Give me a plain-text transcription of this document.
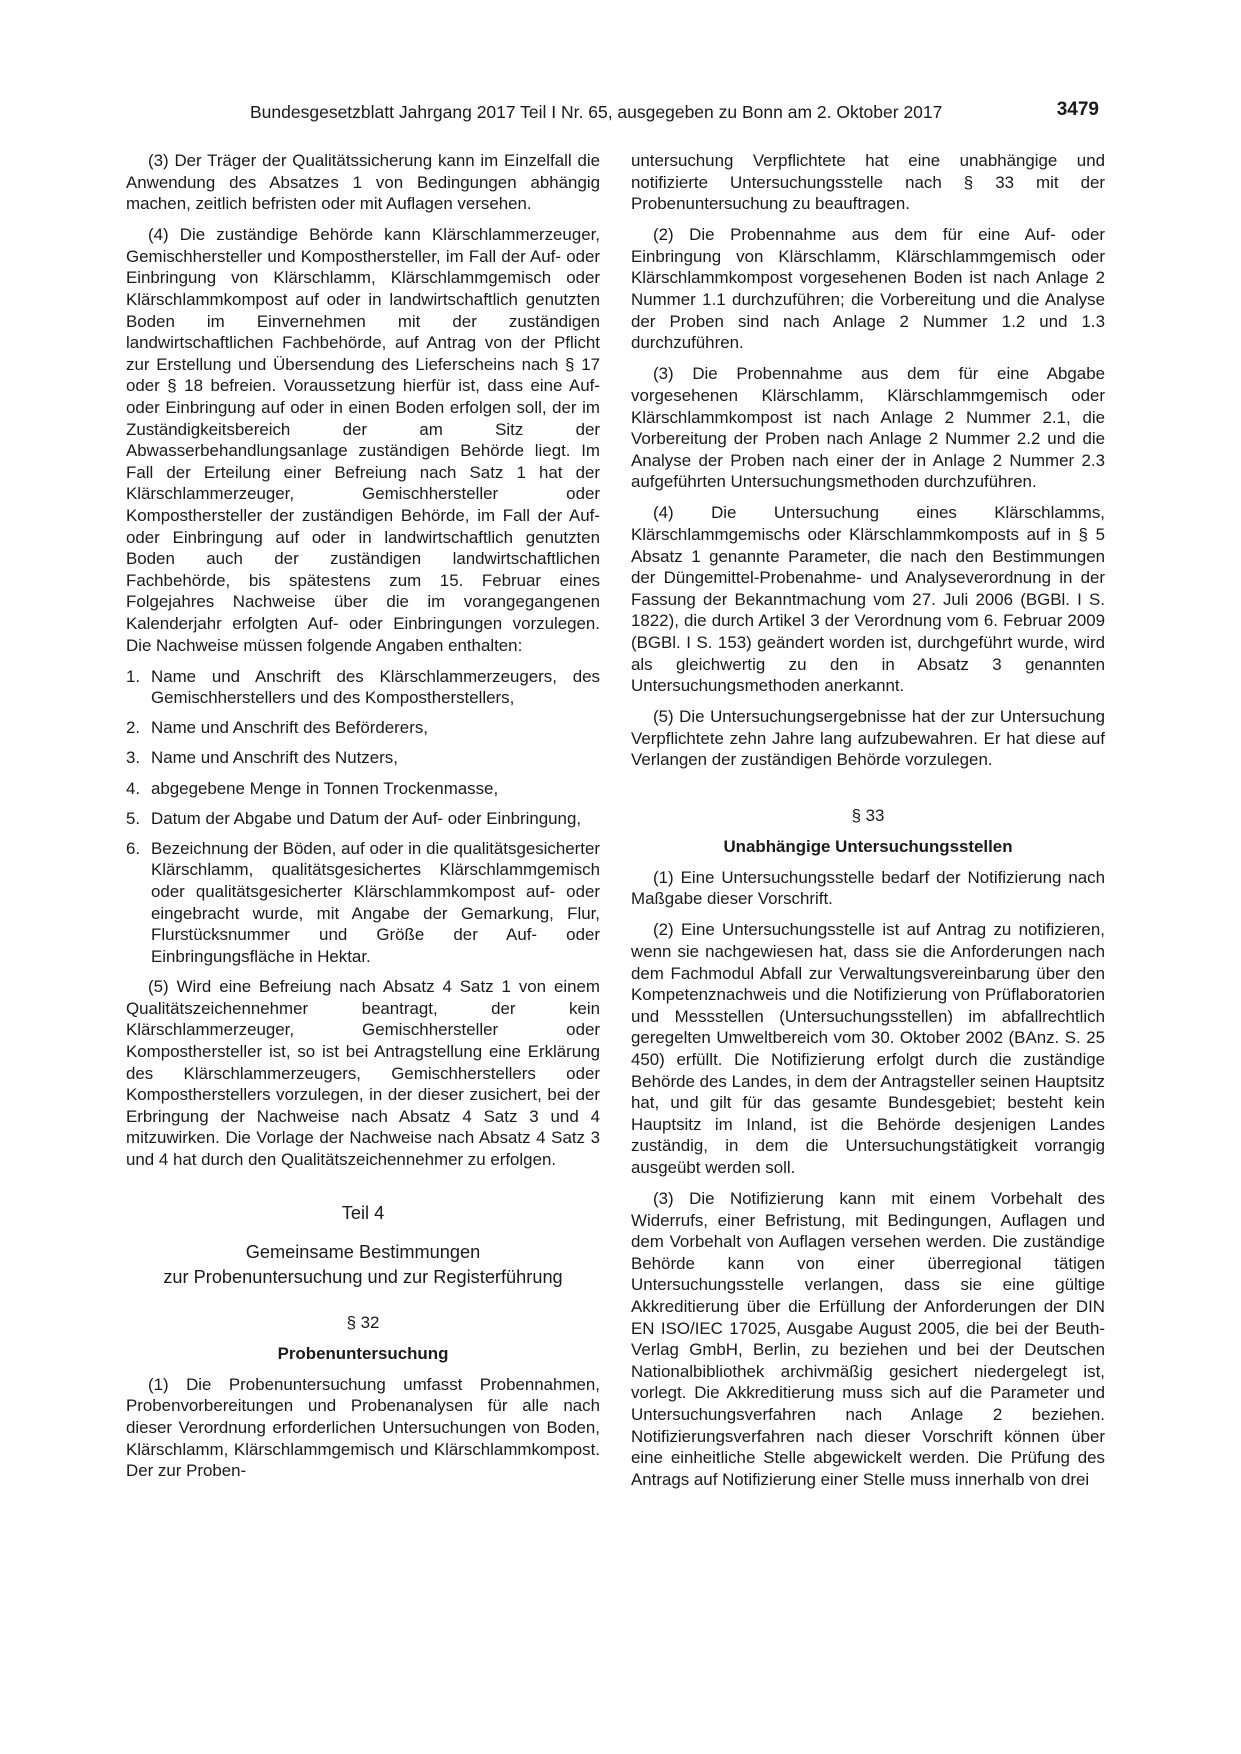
Bundesgesetzblatt Jahrgang 2017 Teil I Nr. 65, ausgegeben zu Bonn am 2. Oktober 2017	3479

(3) Der Träger der Qualitätssicherung kann im Einzelfall die Anwendung des Absatzes 1 von Bedingungen abhängig machen, zeitlich befristen oder mit Auflagen versehen.

(4) Die zuständige Behörde kann Klärschlammerzeuger, Gemischhersteller und Komposthersteller, im Fall der Auf- oder Einbringung von Klärschlamm, Klärschlammgemisch oder Klärschlammkompost auf oder in landwirtschaftlich genutzten Boden im Einvernehmen mit der zuständigen landwirtschaftlichen Fachbehörde, auf Antrag von der Pflicht zur Erstellung und Übersendung des Lieferscheins nach § 17 oder § 18 befreien. Voraussetzung hierfür ist, dass eine Auf- oder Einbringung auf oder in einen Boden erfolgen soll, der im Zuständigkeitsbereich der am Sitz der Abwasserbehandlungsanlage zuständigen Behörde liegt. Im Fall der Erteilung einer Befreiung nach Satz 1 hat der Klärschlammerzeuger, Gemischhersteller oder Komposthersteller der zuständigen Behörde, im Fall der Auf- oder Einbringung auf oder in landwirtschaftlich genutzten Boden auch der zuständigen landwirtschaftlichen Fachbehörde, bis spätestens zum 15. Februar eines Folgejahres Nachweise über die im vorangegangenen Kalenderjahr erfolgten Auf- oder Einbringungen vorzulegen. Die Nachweise müssen folgende Angaben enthalten:

1. Name und Anschrift des Klärschlammerzeugers, des Gemischherstellers und des Kompostherstellers,
2. Name und Anschrift des Beförderers,
3. Name und Anschrift des Nutzers,
4. abgegebene Menge in Tonnen Trockenmasse,
5. Datum der Abgabe und Datum der Auf- oder Einbringung,
6. Bezeichnung der Böden, auf oder in die qualitätsgesicherter Klärschlamm, qualitätsgesichertes Klärschlammgemisch oder qualitätsgesicherter Klärschlammkompost auf- oder eingebracht wurde, mit Angabe der Gemarkung, Flur, Flurstücksnummer und Größe der Auf- oder Einbringungsfläche in Hektar.

(5) Wird eine Befreiung nach Absatz 4 Satz 1 von einem Qualitätszeichennehmer beantragt, der kein Klärschlammerzeuger, Gemischhersteller oder Komposthersteller ist, so ist bei Antragstellung eine Erklärung des Klärschlammerzeugers, Gemischherstellers oder Kompostherstellers vorzulegen, in der dieser zusichert, bei der Erbringung der Nachweise nach Absatz 4 Satz 3 und 4 mitzuwirken. Die Vorlage der Nachweise nach Absatz 4 Satz 3 und 4 hat durch den Qualitätszeichennehmer zu erfolgen.

Teil 4

Gemeinsame Bestimmungen
zur Probenuntersuchung und zur Registerführung

§ 32

Probenuntersuchung

(1) Die Probenuntersuchung umfasst Probennahmen, Probenvorbereitungen und Probenanalysen für alle nach dieser Verordnung erforderlichen Untersuchungen von Boden, Klärschlamm, Klärschlammgemisch und Klärschlammkompost. Der zur Proben-

untersuchung Verpflichtete hat eine unabhängige und notifizierte Untersuchungsstelle nach § 33 mit der Probenuntersuchung zu beauftragen.

(2) Die Probennahme aus dem für eine Auf- oder Einbringung von Klärschlamm, Klärschlammgemisch oder Klärschlammkompost vorgesehenen Boden ist nach Anlage 2 Nummer 1.1 durchzuführen; die Vorbereitung und die Analyse der Proben sind nach Anlage 2 Nummer 1.2 und 1.3 durchzuführen.

(3) Die Probennahme aus dem für eine Abgabe vorgesehenen Klärschlamm, Klärschlammgemisch oder Klärschlammkompost ist nach Anlage 2 Nummer 2.1, die Vorbereitung der Proben nach Anlage 2 Nummer 2.2 und die Analyse der Proben nach einer der in Anlage 2 Nummer 2.3 aufgeführten Untersuchungsmethoden durchzuführen.

(4) Die Untersuchung eines Klärschlamms, Klärschlammgemischs oder Klärschlammkomposts auf in § 5 Absatz 1 genannte Parameter, die nach den Bestimmungen der Düngemittel-Probenahme- und Analyseverordnung in der Fassung der Bekanntmachung vom 27. Juli 2006 (BGBl. I S. 1822), die durch Artikel 3 der Verordnung vom 6. Februar 2009 (BGBl. I S. 153) geändert worden ist, durchgeführt wurde, wird als gleichwertig zu den in Absatz 3 genannten Untersuchungsmethoden anerkannt.

(5) Die Untersuchungsergebnisse hat der zur Untersuchung Verpflichtete zehn Jahre lang aufzubewahren. Er hat diese auf Verlangen der zuständigen Behörde vorzulegen.

§ 33

Unabhängige Untersuchungsstellen

(1) Eine Untersuchungsstelle bedarf der Notifizierung nach Maßgabe dieser Vorschrift.

(2) Eine Untersuchungsstelle ist auf Antrag zu notifizieren, wenn sie nachgewiesen hat, dass sie die Anforderungen nach dem Fachmodul Abfall zur Verwaltungsvereinbarung über den Kompetenznachweis und die Notifizierung von Prüflaboratorien und Messstellen (Untersuchungsstellen) im abfallrechtlich geregelten Umweltbereich vom 30. Oktober 2002 (BAnz. S. 25 450) erfüllt. Die Notifizierung erfolgt durch die zuständige Behörde des Landes, in dem der Antragsteller seinen Hauptsitz hat, und gilt für das gesamte Bundesgebiet; besteht kein Hauptsitz im Inland, ist die Behörde desjenigen Landes zuständig, in dem die Untersuchungstätigkeit vorrangig ausgeübt werden soll.

(3) Die Notifizierung kann mit einem Vorbehalt des Widerrufs, einer Befristung, mit Bedingungen, Auflagen und dem Vorbehalt von Auflagen versehen werden. Die zuständige Behörde kann von einer überregional tätigen Untersuchungsstelle verlangen, dass sie eine gültige Akkreditierung über die Erfüllung der Anforderungen der DIN EN ISO/IEC 17025, Ausgabe August 2005, die bei der Beuth-Verlag GmbH, Berlin, zu beziehen und bei der Deutschen Nationalbibliothek archivmäßig gesichert niedergelegt ist, vorlegt. Die Akkreditierung muss sich auf die Parameter und Untersuchungsverfahren nach Anlage 2 beziehen. Notifizierungsverfahren nach dieser Vorschrift können über eine einheitliche Stelle abgewickelt werden. Die Prüfung des Antrags auf Notifizierung einer Stelle muss innerhalb von drei
